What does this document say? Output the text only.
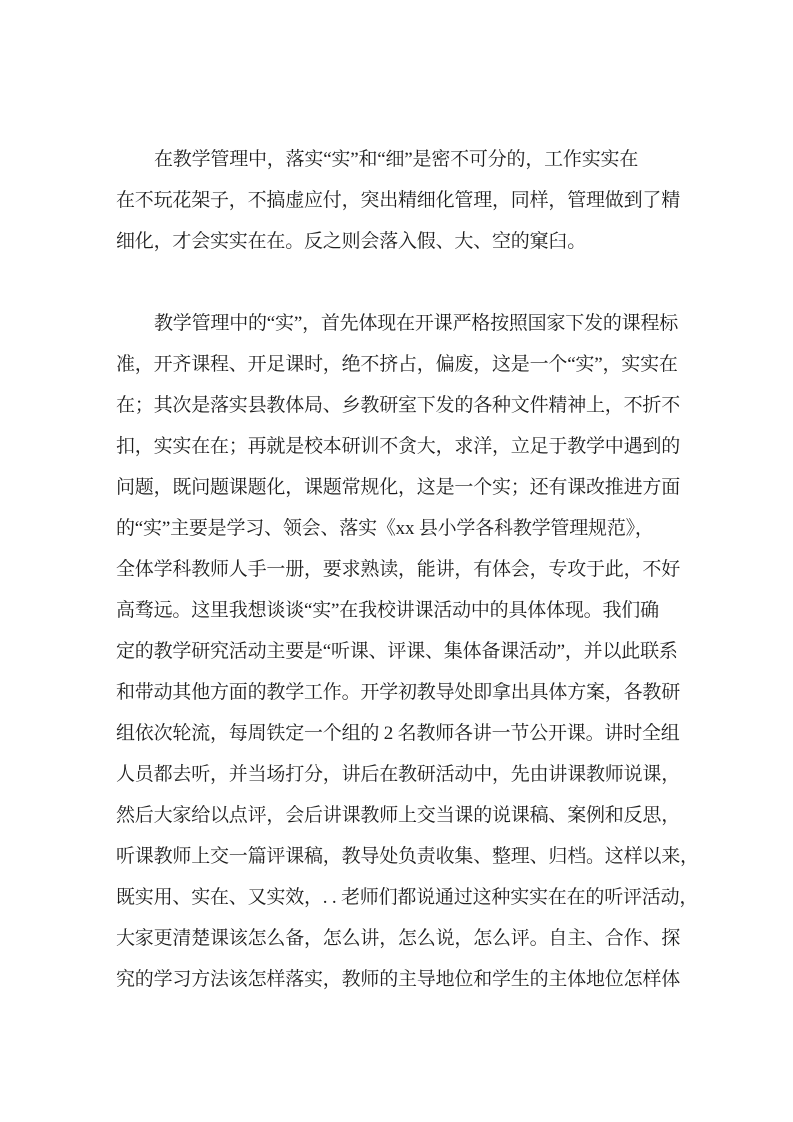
在教学管理中，落实“实”和“细”是密不可分的，工作实实在
在不玩花架子，不搞虚应付，突出精细化管理，同样，管理做到了精
细化，才会实实在在。反之则会落入假、大、空的窠臼。
教学管理中的“实”，首先体现在开课严格按照国家下发的课程标
准，开齐课程、开足课时，绝不挤占，偏废，这是一个“实”，实实在
在；其次是落实县教体局、乡教研室下发的各种文件精神上，不折不
扣，实实在在；再就是校本研训不贪大，求洋，立足于教学中遇到的
问题，既问题课题化，课题常规化，这是一个实；还有课改推进方面
的“实”主要是学习、领会、落实《xx 县小学各科教学管理规范》，
全体学科教师人手一册，要求熟读，能讲，有体会，专攻于此，不好
高骛远。这里我想谈谈“实”在我校讲课活动中的具体体现。我们确
定的教学研究活动主要是“听课、评课、集体备课活动”，并以此联系
和带动其他方面的教学工作。开学初教导处即拿出具体方案，各教研
组依次轮流，每周铁定一个组的 2 名教师各讲一节公开课。讲时全组
人员都去听，并当场打分，讲后在教研活动中，先由讲课教师说课，
然后大家给以点评，会后讲课教师上交当课的说课稿、案例和反思，
听课教师上交一篇评课稿，教导处负责收集、整理、归档。这样以来，
既实用、实在、又实效，. . 老师们都说通过这种实实在在的听评活动，
大家更清楚课该怎么备，怎么讲，怎么说，怎么评。自主、合作、探
究的学习方法该怎样落实，教师的主导地位和学生的主体地位怎样体
